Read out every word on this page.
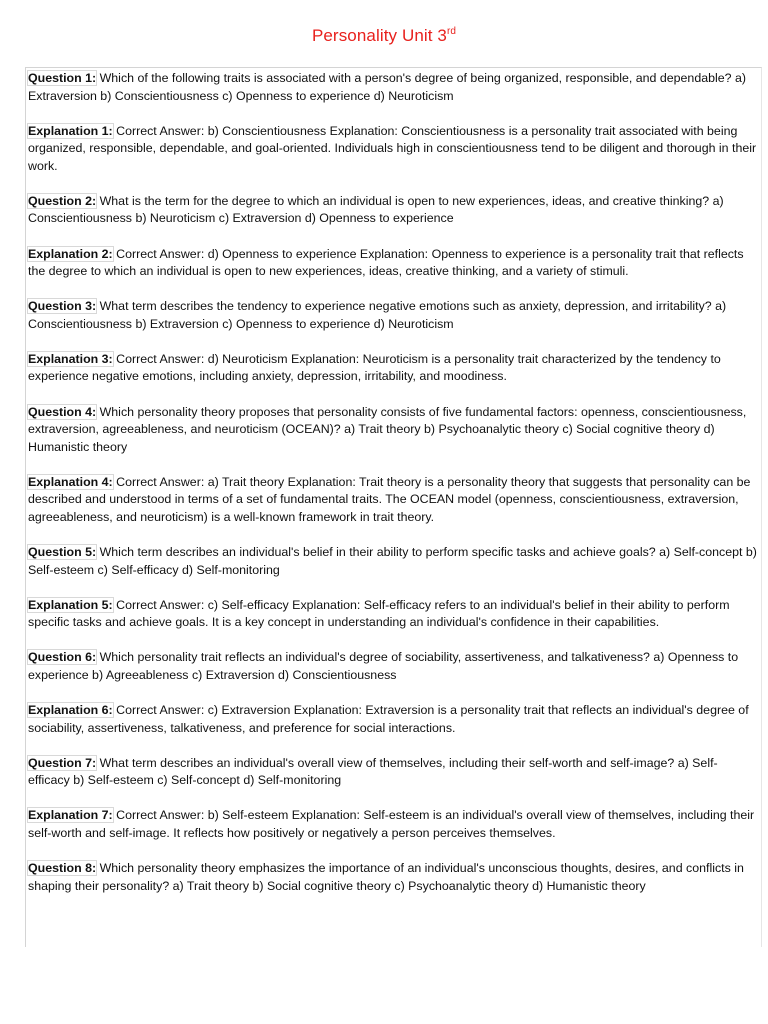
Personality Unit 3rd

Question 1: Which of the following traits is associated with a person's degree of being organized, responsible, and dependable? a) Extraversion b) Conscientiousness c) Openness to experience d) Neuroticism

Explanation 1: Correct Answer: b) Conscientiousness Explanation: Conscientiousness is a personality trait associated with being organized, responsible, dependable, and goal-oriented. Individuals high in conscientiousness tend to be diligent and thorough in their work.

Question 2: What is the term for the degree to which an individual is open to new experiences, ideas, and creative thinking? a) Conscientiousness b) Neuroticism c) Extraversion d) Openness to experience

Explanation 2: Correct Answer: d) Openness to experience Explanation: Openness to experience is a personality trait that reflects the degree to which an individual is open to new experiences, ideas, creative thinking, and a variety of stimuli.

Question 3: What term describes the tendency to experience negative emotions such as anxiety, depression, and irritability? a) Conscientiousness b) Extraversion c) Openness to experience d) Neuroticism

Explanation 3: Correct Answer: d) Neuroticism Explanation: Neuroticism is a personality trait characterized by the tendency to experience negative emotions, including anxiety, depression, irritability, and moodiness.

Question 4: Which personality theory proposes that personality consists of five fundamental factors: openness, conscientiousness, extraversion, agreeableness, and neuroticism (OCEAN)? a) Trait theory b) Psychoanalytic theory c) Social cognitive theory d) Humanistic theory

Explanation 4: Correct Answer: a) Trait theory Explanation: Trait theory is a personality theory that suggests that personality can be described and understood in terms of a set of fundamental traits. The OCEAN model (openness, conscientiousness, extraversion, agreeableness, and neuroticism) is a well-known framework in trait theory.

Question 5: Which term describes an individual's belief in their ability to perform specific tasks and achieve goals? a) Self-concept b) Self-esteem c) Self-efficacy d) Self-monitoring

Explanation 5: Correct Answer: c) Self-efficacy Explanation: Self-efficacy refers to an individual's belief in their ability to perform specific tasks and achieve goals. It is a key concept in understanding an individual's confidence in their capabilities.

Question 6: Which personality trait reflects an individual's degree of sociability, assertiveness, and talkativeness? a) Openness to experience b) Agreeableness c) Extraversion d) Conscientiousness

Explanation 6: Correct Answer: c) Extraversion Explanation: Extraversion is a personality trait that reflects an individual's degree of sociability, assertiveness, talkativeness, and preference for social interactions.

Question 7: What term describes an individual's overall view of themselves, including their self-worth and self-image? a) Self-efficacy b) Self-esteem c) Self-concept d) Self-monitoring

Explanation 7: Correct Answer: b) Self-esteem Explanation: Self-esteem is an individual's overall view of themselves, including their self-worth and self-image. It reflects how positively or negatively a person perceives themselves.

Question 8: Which personality theory emphasizes the importance of an individual's unconscious thoughts, desires, and conflicts in shaping their personality? a) Trait theory b) Social cognitive theory c) Psychoanalytic theory d) Humanistic theory
